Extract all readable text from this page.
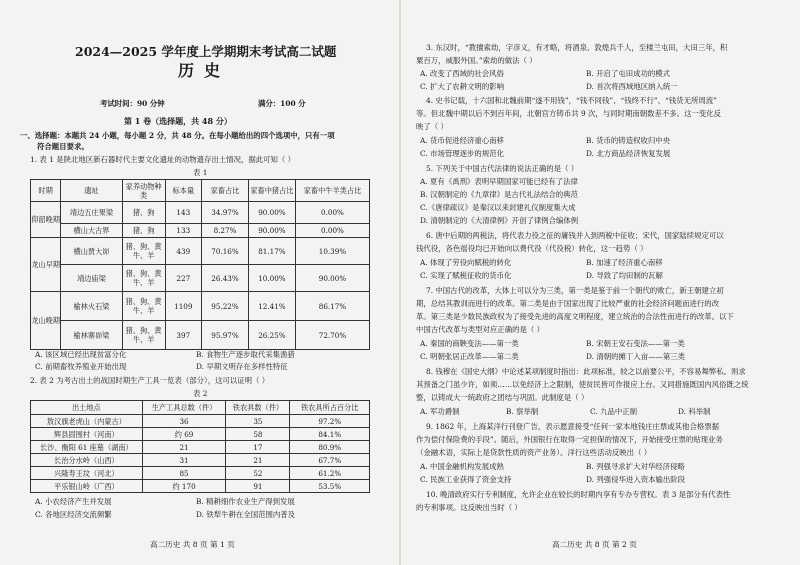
2024—2025 学年度上学期期末考试高二试题
历史
考试时间：90 分钟	满分：100 分
第 1 卷（选择题，共 48 分）
一、选择题：本题共 24 小题，每小题 2 分，共 48 分。在每小题给出的四个选项中，只有一项
符合题目要求。
1. 表 1 是陕北地区新石器时代主要文化遗址的动物遗存出土情况，据此可知（ ）
表 1
时期	遗址	家养动物种类	标本量	家畜占比	家畜中猪占比	家畜中牛羊类占比
仰韶晚期	靖边五庄果梁	猪、狗	143	34.97%	90.00%	0.00%
	横山大古界	猪、狗	133	8.27%	90.00%	0.00%
龙山早期	横山贾大峁	猪、狗、黄牛、羊	439	70.16%	81.17%	10.39%
	靖边庙梁	猪、狗、黄牛、羊	227	26.43%	10.00%	90.00%
龙山晚期	榆林火石梁	猪、狗、黄牛、羊	1109	95.22%	12.41%	86.17%
	榆林寨峁梁	猪、狗、黄牛、羊	397	95.97%	26.25%	72.70%
A. 该区域已经出现贫富分化	B. 食物生产逐步取代采集渔猎
C. 前期畜牧养殖业开始出现	D. 早期文明存在多样性特征
2. 表 2 为考古出土的战国时期生产工具一览表（部分），这可以证明（ ）
表 2
出土地点	生产工具总数（件）	铁农具数（件）	铁农具所占百分比
敖汉旗老虎山（内蒙古）	36	35	97.2%
辉县固围村（河南）	约 69	58	84.1%
长沙、衡阳 61 座墓（湖南）	21	17	80.9%
长治分水岭（山西）	31	21	67.7%
兴隆寿王坟（河北）	85	52	61.2%
平乐银山岭（广西）	约 170	91	53.5%
A. 小农经济产生并发展	B. 精耕细作农业生产得到发展
C. 各地区经济交流频繁	D. 铁犁牛耕在全国范围内普及
高二历史 共 8 页 第 1 页
3. 东汉时，“教擅索劫，字彦义，有才略，将酒泉、敦煌兵千人，至楼兰屯田，大田三年，积
粟百万，威服外国。”索劫的做法（ ）
A. 改变了西域的社会风俗	B. 开启了屯田成功的模式
C. 扩大了农耕文明的影响	D. 首次将西域地区纳入统一
4. 史书记载，十六国和北魏前期“遂不用钱”，“钱不同钱”、“钱终不行”、“钱货无所周流”
等。但北魏中期以后不到百年间，北朝官方铸币共 9 次，与同时期南朝数差不多。这一变化反
映了（ ）
A. 货币促进经济重心南移	B. 货币的铸造权收归中央
C. 市场管理逐步的规范化	D. 北方商品经济恢复发展
5. 下列关于中国古代法律的说法正确的是（ ）
A. 夏有《禹刑》表明早期国家可能已经有了法律
B. 汉朝制定的《九章律》是古代礼法结合的典范
C.《唐律疏议》是秦汉以来封建礼仪制度集大成
D. 清朝制定的《大清律例》开创了律例合编体例
6. 唐中后期的两税法，将代表力役之征的庸钱并入到两税中征收；宋代，国家陆续规定可以
钱代役，各色徭役均已开始向以费代役（代役税）转化，这一趋势（ ）
A. 体现了劳役向赋税的转化	B. 加速了经济重心南移
C. 实现了赋税征收的货币化	D. 导致了均田制的瓦解
7. 中国古代的改革，大体上可以分为三类，第一类是鉴于前一个朝代的败亡，新王朝建立初
期，总结其教训而进行的改革。第二类是由于国家出现了比较严重的社会经济问题而进行的改
革。第三类是少数民族政权为了接受先进的高度文明程度，建立统治的合法性而进行的改革。以下
中国古代改革与类型对应正确的是（ ）
A. 秦国的商鞅变法——第一类	B. 宋朝王安石变法——第一类
C. 明朝张居正改革——第二类	D. 清朝的摊丁入亩——第三类
8. 钱穆在《国史大纲》中论述某项制度时指出：此项标准，较之以前要公平，不容易舞弊私。则求
其预备之门虽少许，如须……以免经济上之限制，使贫民皆可作报应上台。又同措施既国内风俗既之统
整，以铸成大一统政府之团结与巩固。此制度是（ ）
A. 军功爵制	B. 察举制	C. 九品中正制	D. 科举制
9. 1862 年，上海某洋行刊登广告，表示愿意接受“任何一家本地钱庄庄票或其他合格票据
作为偿付保险费的手段”。随后，外国银行在取得一定担保的情况下，开始接受庄票的贴现业务
（金融术语，实际上是贷款性质的资产业务）。洋行这些活动反映出（ ）
A. 中国金融机构发展成熟	B. 列强寻求扩大对华经济侵略
C. 民族工业获得了资金支持	D. 列强侵华进入资本输出阶段
10. 晚清政府实行专利制度，允许企业在较长的时期内享有专办专营权。表 3 是部分有代表性
的专利事项。这反映出当时（ ）
高二历史 共 8 页 第 2 页
